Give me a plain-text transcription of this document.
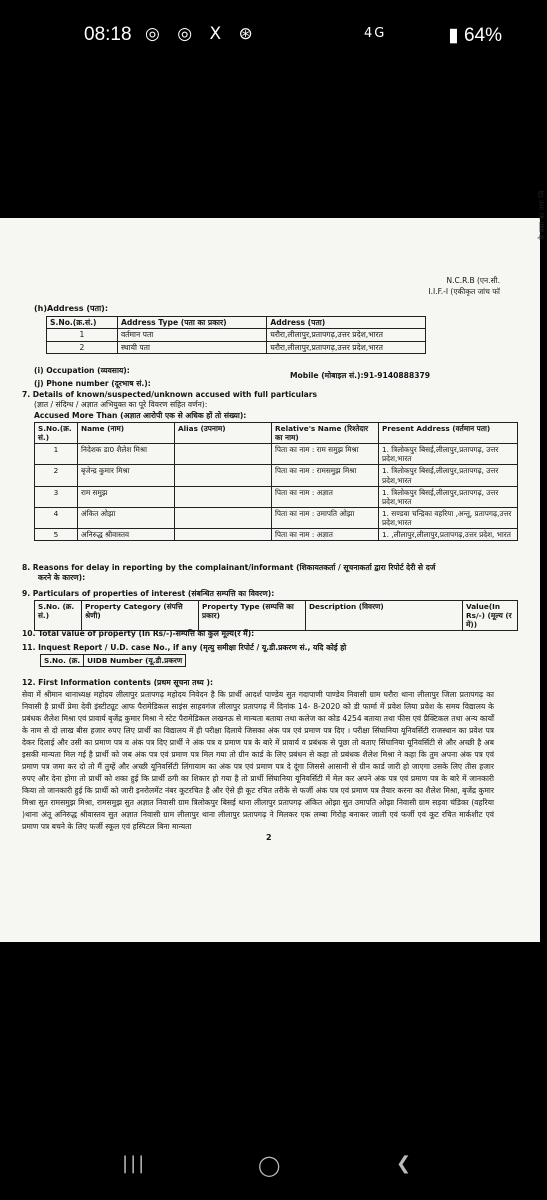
08:18 ◎ ◎ X ⊛	4G	▮ 64%
के प्रसा का तथा जि
N.C.R.B (एन.सी.
I.I.F.-I (एकीकृत जांच फॉ
(h)Address (पता):
S.No.(क्र.सं.)	Address Type (पता का प्रकार)	Address (पता)
1	वर्तमान पता	घरौरा,लीलापुर,प्रतापगढ़,उत्तर प्रदेश,भारत
2	स्थायी पता	घरौरा,लीलापुर,प्रतापगढ़,उत्तर प्रदेश,भारत
(i) Occupation (व्यवसाय):
(j) Phone number (दूरभाष सं.):
Mobile (मोबाइल सं.):91-9140888379
7. Details of known/suspected/unknown accused with full particulars
(ज्ञात / संदिग्ध / अज्ञात अभियुक्त का पूरे विवरण सहित वर्णन):
Accused More Than (अज्ञात आरोपी एक से अधिक हों तो संख्या):
S.No.(क्र. सं.)	Name (नाम)	Alias (उपनाम)	Relative's Name (रिश्तेदार का नाम)	Present Address (वर्तमान पता)
1	निदेशक डा0 शैलेश मिश्रा		पिता का नाम : राम समुझ मिश्रा	1. त्रिलोकपुर बिसई,लीलापुर,प्रतापगढ़, उत्तर प्रदेश,भारत
2	बृजेन्द्र कुमार मिश्रा		पिता का नाम : रामसमुझ मिश्रा	1. त्रिलोकपुर बिसई,लीलापुर,प्रतापगढ़, उत्तर प्रदेश,भारत
3	राम समुझ		पिता का नाम : अज्ञात	1. त्रिलोकपुर बिसई,लीलापुर,प्रतापगढ़, उत्तर प्रदेश,भारत
4	अंकित ओझा		पिता का नाम : उमापति ओझा	1. सण्डवा चन्द्रिका वहरिया ,अन्तू, प्रतापगढ़,उत्तर प्रदेश,भारत
5	अनिरुद्ध श्रीवास्तव		पिता का नाम : अज्ञात	1. ,लीलापुर,लीलापुर,प्रतापगढ़,उत्तर प्रदेश, भारत
8. Reasons for delay in reporting by the complainant/informant (शिकायतकर्ता / सूचनाकर्ता द्वारा रिपोर्ट देरी से दर्ज
करने के कारण):
9. Particulars of properties of interest (संबन्धित सम्पत्ति का विवरण):
S.No. (क्र. सं.)	Property Category (संपत्ति श्रेणी)	Property Type (सम्पत्ति का प्रकार)	Description (विवरण)	Value(In Rs/-) (मूल्य (र में))
10. Total value of property (In Rs/-)-सम्पत्ति का कुल मूल्य(र में):
11. Inquest Report / U.D. case No., if any (मृत्यु समीक्षा रिपोर्ट / यू.डी.प्रकरण सं., यदि कोई हो
S.No. (क्र.	UIDB Number (यू.डी.प्रकरण
12. First Information contents (प्रथम सूचना तथ्य ):
सेवा में श्रीमान थानाध्यक्ष महोदय लीलापुर प्रतापगढ़ महोदय निवेदन है कि प्रार्थी आदर्श पाण्डेय सुत गदापाणी पाण्डेय निवासी ग्राम घरौरा थाना लीलापुर जिला प्रतापगढ़ का निवासी है प्रार्थी प्रेमा देवी इंस्टीट्यूट आफ पैरामेडिकल साइंस साहवगंज लीलापुर प्रतापगढ़ में दिनांक 14- 8-2020 को डी फार्मा में प्रवेश लिया प्रवेश के समय विद्यालय के प्रबंधक शैलेश मिश्रा एवं प्रावार्य बृजेंद्र कुमार मिश्रा ने स्टेट पैरामेडिकल लखनऊ से मान्यता बताया तथा कलेज का कोड 4254 बताया तथा फीस एवं प्रैक्टिकल तथा अन्य कार्यों के नाम से दो लाख बीस हजार रुपए लिए प्रार्थी का विद्यालय में ही परीक्षा दिलाये जिसका अंक पत्र एवं प्रमाण पत्र दिए । परीक्षा सिंघानिया यूनिवर्सिटी राजस्थान का प्रवेश पत्र देकर दिलाई और उसी का प्रमाण पत्र व अंक पत्र दिए प्रार्थी ने अंक पत्र व प्रमाण पत्र के बारे में प्रावार्य व प्रबंधक से पूछा तो बताए सिंघानिया यूनिवर्सिटी से और अच्छी है अब इसकी मान्यता मिल गई है प्रार्थी को जब अंक पत्र एवं प्रमाण पत्र मिल गया तो ग्रीन कार्ड के लिए प्रबंधन से कहा तो प्रबंधक शैलेश मिश्रा ने कहा कि तुम अपना अंक पत्र एवं प्रमाण पत्र जमा कर दो तो मैं तुम्हें और अच्छी यूनिवर्सिटी लिंगायाम का अंक पत्र एवं प्रमाण पत्र दे दूंगा जिससे आसानी से ग्रीन कार्ड जारी हो जाएगा उसके लिए तीस हजार रुपए और देना होगा तो प्रार्थी को शका हुई कि प्रार्थी ठगी का शिकार हो गया है तो प्रार्थी सिंघानिया यूनिवर्सिटी में मेल कर अपने अंक पत्र एवं प्रमाण पत्र के बारे में जानकारी किया तो जानकारी हुई कि प्रार्थी को जारी इनरोलमेंट नंबर कूटरचित है और ऐसे ही कूट रचित तरीके से फर्जी अंक पत्र एवं प्रमाण पत्र तैयार करना का शैलेश मिश्रा, बृजेंद्र कुमार मिश्रा सुत रामसमुझ मिश्रा, रामसमुझ सुत अज्ञात निवासी ग्राम त्रिलोकपुर बिसई थाना लीलापुर प्रतापगढ़ अंकित ओझा सुत उमापति ओझा निवासी ग्राम सड़वा चंडिका (वहरिया )थाना अंतू अनिरुद्ध श्रीवास्तव सुत अज्ञात निवासी ग्राम लीलापुर थाना लीलापुर प्रतापगढ़ ने मिलकर एक लम्बा गिरोह बनाकर जाली एवं फर्जी एवं कूट रचित मार्कशीट एवं प्रमाण पत्र बचने के लिए फर्जी स्कूल एवं हस्पिटल बिना मान्यता
2
|||	◯	❮
